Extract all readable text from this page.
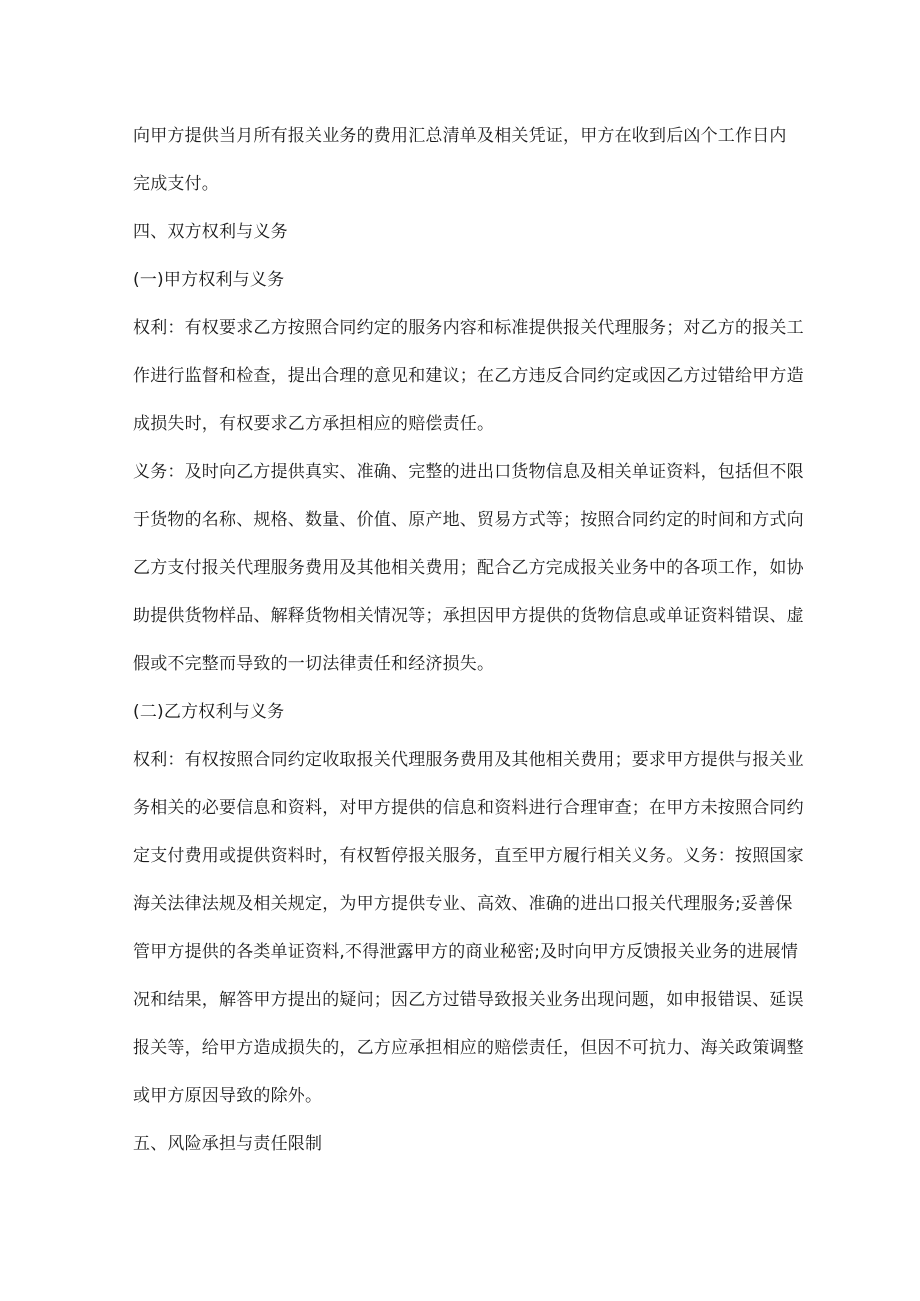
向甲方提供当月所有报关业务的费用汇总清单及相关凭证，甲方在收到后凶个工作日内
完成支付。
四、双方权利与义务
(一)甲方权利与义务
权利：有权要求乙方按照合同约定的服务内容和标准提供报关代理服务；对乙方的报关工
作进行监督和检查，提出合理的意见和建议；在乙方违反合同约定或因乙方过错给甲方造
成损失时，有权要求乙方承担相应的赔偿责任。
义务：及时向乙方提供真实、准确、完整的进出口货物信息及相关单证资料，包括但不限
于货物的名称、规格、数量、价值、原产地、贸易方式等；按照合同约定的时间和方式向
乙方支付报关代理服务费用及其他相关费用；配合乙方完成报关业务中的各项工作，如协
助提供货物样品、解释货物相关情况等；承担因甲方提供的货物信息或单证资料错误、虚
假或不完整而导致的一切法律责任和经济损失。
(二)乙方权利与义务
权利：有权按照合同约定收取报关代理服务费用及其他相关费用；要求甲方提供与报关业
务相关的必要信息和资料，对甲方提供的信息和资料进行合理审查；在甲方未按照合同约
定支付费用或提供资料时，有权暂停报关服务，直至甲方履行相关义务。义务：按照国家
海关法律法规及相关规定，为甲方提供专业、高效、准确的进出口报关代理服务;妥善保
管甲方提供的各类单证资料,不得泄露甲方的商业秘密;及时向甲方反馈报关业务的进展情
况和结果，解答甲方提出的疑问；因乙方过错导致报关业务出现问题，如申报错误、延误
报关等，给甲方造成损失的，乙方应承担相应的赔偿责任，但因不可抗力、海关政策调整
或甲方原因导致的除外。
五、风险承担与责任限制
